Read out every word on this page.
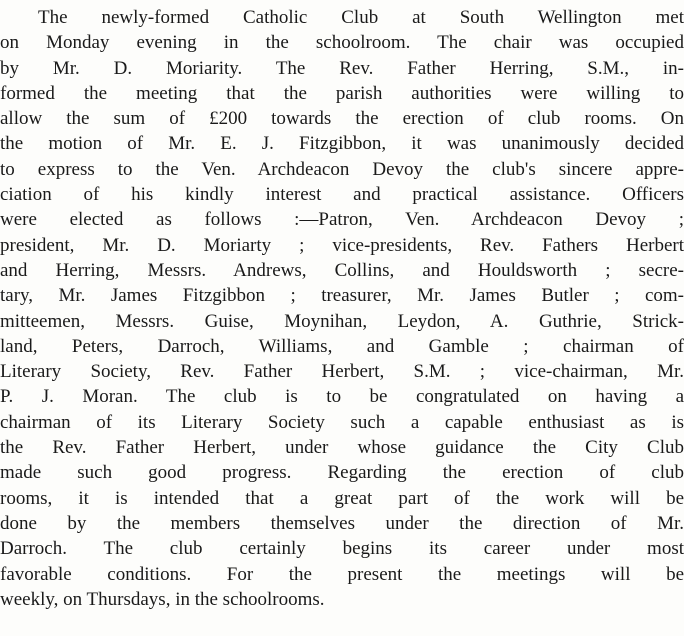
The newly-formed Catholic Club at South Wellington met
on Monday evening in the schoolroom. The chair was occupied
by Mr. D. Moriarity. The Rev. Father Herring, S.M., in-
formed the meeting that the parish authorities were willing to
allow the sum of £200 towards the erection of club rooms. On
the motion of Mr. E. J. Fitzgibbon, it was unanimously decided
to express to the Ven. Archdeacon Devoy the club's sincere appre-
ciation of his kindly interest and practical assistance. Officers
were elected as follows :—Patron, Ven. Archdeacon Devoy ;
president, Mr. D. Moriarty ; vice-presidents, Rev. Fathers Herbert
and Herring, Messrs. Andrews, Collins, and Houldsworth ; secre-
tary, Mr. James Fitzgibbon ; treasurer, Mr. James Butler ; com-
mitteemen, Messrs. Guise, Moynihan, Leydon, A. Guthrie, Strick-
land, Peters, Darroch, Williams, and Gamble ; chairman of
Literary Society, Rev. Father Herbert, S.M. ; vice-chairman, Mr.
P. J. Moran. The club is to be congratulated on having a
chairman of its Literary Society such a capable enthusiast as is
the Rev. Father Herbert, under whose guidance the City Club
made such good progress. Regarding the erection of club
rooms, it is intended that a great part of the work will be
done by the members themselves under the direction of Mr.
Darroch. The club certainly begins its career under most
favorable conditions. For the present the meetings will be
weekly, on Thursdays, in the schoolrooms.
